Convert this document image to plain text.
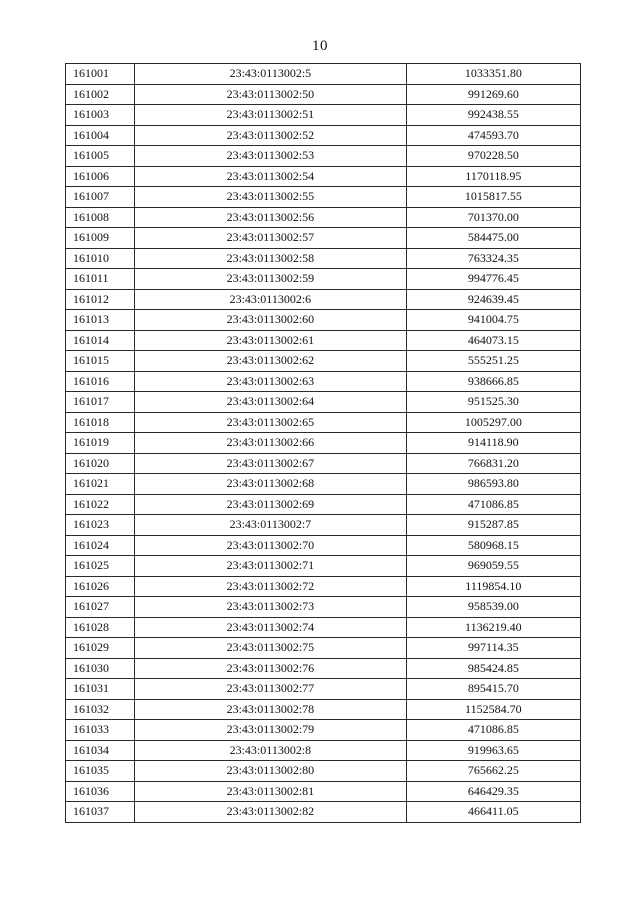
10
161001	23:43:0113002:5	1033351.80
161002	23:43:0113002:50	991269.60
161003	23:43:0113002:51	992438.55
161004	23:43:0113002:52	474593.70
161005	23:43:0113002:53	970228.50
161006	23:43:0113002:54	1170118.95
161007	23:43:0113002:55	1015817.55
161008	23:43:0113002:56	701370.00
161009	23:43:0113002:57	584475.00
161010	23:43:0113002:58	763324.35
161011	23:43:0113002:59	994776.45
161012	23:43:0113002:6	924639.45
161013	23:43:0113002:60	941004.75
161014	23:43:0113002:61	464073.15
161015	23:43:0113002:62	555251.25
161016	23:43:0113002:63	938666.85
161017	23:43:0113002:64	951525.30
161018	23:43:0113002:65	1005297.00
161019	23:43:0113002:66	914118.90
161020	23:43:0113002:67	766831.20
161021	23:43:0113002:68	986593.80
161022	23:43:0113002:69	471086.85
161023	23:43:0113002:7	915287.85
161024	23:43:0113002:70	580968.15
161025	23:43:0113002:71	969059.55
161026	23:43:0113002:72	1119854.10
161027	23:43:0113002:73	958539.00
161028	23:43:0113002:74	1136219.40
161029	23:43:0113002:75	997114.35
161030	23:43:0113002:76	985424.85
161031	23:43:0113002:77	895415.70
161032	23:43:0113002:78	1152584.70
161033	23:43:0113002:79	471086.85
161034	23:43:0113002:8	919963.65
161035	23:43:0113002:80	765662.25
161036	23:43:0113002:81	646429.35
161037	23:43:0113002:82	466411.05
